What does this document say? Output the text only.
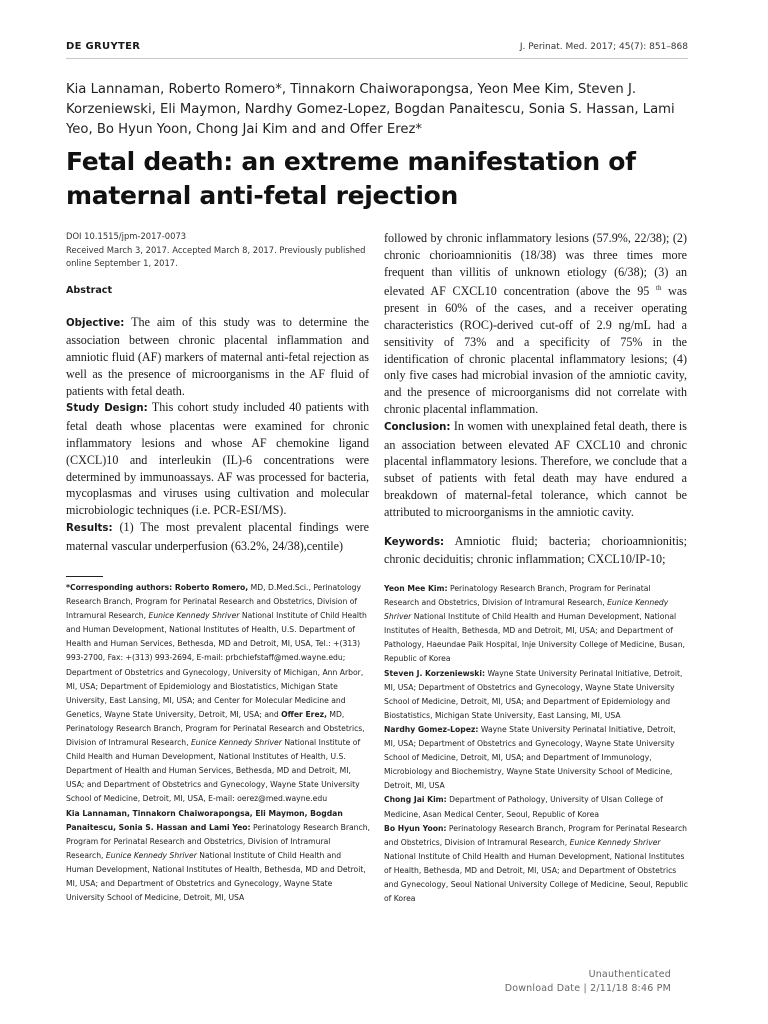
DE GRUYTER	J. Perinat. Med. 2017; 45(7): 851–868
Kia Lannaman, Roberto Romero*, Tinnakorn Chaiworapongsa, Yeon Mee Kim, Steven J. Korzeniewski, Eli Maymon, Nardhy Gomez-Lopez, Bogdan Panaitescu, Sonia S. Hassan, Lami Yeo, Bo Hyun Yoon, Chong Jai Kim and and Offer Erez*
Fetal death: an extreme manifestation of maternal anti-fetal rejection
DOI 10.1515/jpm-2017-0073
Received March 3, 2017. Accepted March 8, 2017. Previously published online September 1, 2017.
Abstract

Objective: The aim of this study was to determine the association between chronic placental inflammation and amniotic fluid (AF) markers of maternal anti-fetal rejection as well as the presence of microorganisms in the AF fluid of patients with fetal death.

Study Design: This cohort study included 40 patients with fetal death whose placentas were examined for chronic inflammatory lesions and whose AF chemokine ligand (CXCL)10 and interleukin (IL)-6 concentrations were determined by immunoassays. AF was processed for bacteria, mycoplasmas and viruses using cultivation and molecular microbiologic techniques (i.e. PCR-ESI/MS).

Results: (1) The most prevalent placental findings were maternal vascular underperfusion (63.2%, 24/38),centile)

followed by chronic inflammatory lesions (57.9%, 22/38); (2) chronic chorioamnionitis (18/38) was three times more frequent than villitis of unknown etiology (6/38); (3) an elevated AF CXCL10 concentration (above the 95 $^{th}$ was present in 60% of the cases, and a receiver operating characteristics (ROC)-derived cut-off of 2.9 ng/mL had a sensitivity of 73% and a specificity of 75% in the identification of chronic placental inflammatory lesions; (4) only five cases had microbial invasion of the amniotic cavity, and the presence of microorganisms did not correlate with chronic placental inflammation.

Conclusion: In women with unexplained fetal death, there is an association between elevated AF CXCL10 and chronic placental inflammatory lesions. Therefore, we conclude that a subset of patients with fetal death may have endured a breakdown of maternal-fetal tolerance, which cannot be attributed to microorganisms in the amniotic cavity.

Keywords: Amniotic fluid; bacteria; chorioamnionitis; chronic deciduitis; chronic inflammation; CXCL10/IP-10;

*Corresponding authors: Roberto Romero, MD, D.Med.Sci., Perinatology Research Branch, Program for Perinatal Research and Obstetrics, Division of Intramural Research, Eunice Kennedy Shriver National Institute of Child Health and Human Development, National Institutes of Health, U.S. Department of Health and Human Services, Bethesda, MD and Detroit, MI, USA, Tel.: +(313) 993-2700, Fax: +(313) 993-2694, E-mail: prbchiefstaff@med.wayne.edu; Department of Obstetrics and Gynecology, University of Michigan, Ann Arbor, MI, USA; Department of Epidemiology and Biostatistics, Michigan State University, East Lansing, MI, USA; and Center for Molecular Medicine and Genetics, Wayne State University, Detroit, MI, USA; and Offer Erez, MD, Perinatology Research Branch, Program for Perinatal Research and Obstetrics, Division of Intramural Research, Eunice Kennedy Shriver National Institute of Child Health and Human Development, National Institutes of Health, U.S. Department of Health and Human Services, Bethesda, MD and Detroit, MI, USA; and Department of Obstetrics and Gynecology, Wayne State University School of Medicine, Detroit, MI, USA, E-mail: oerez@med.wayne.edu

Kia Lannaman, Tinnakorn Chaiworapongsa, Eli Maymon, Bogdan Panaitescu, Sonia S. Hassan and Lami Yeo: Perinatology Research Branch, Program for Perinatal Research and Obstetrics, Division of Intramural Research, Eunice Kennedy Shriver National Institute of Child Health and Human Development, National Institutes of Health, Bethesda, MD and Detroit, MI, USA; and Department of Obstetrics and Gynecology, Wayne State University School of Medicine, Detroit, MI, USA

Yeon Mee Kim: Perinatology Research Branch, Program for Perinatal Research and Obstetrics, Division of Intramural Research, Eunice Kennedy Shriver National Institute of Child Health and Human Development, National Institutes of Health, Bethesda, MD and Detroit, MI, USA; and Department of Pathology, Haeundae Paik Hospital, Inje University College of Medicine, Busan, Republic of Korea

Steven J. Korzeniewski: Wayne State University Perinatal Initiative, Detroit, MI, USA; Department of Obstetrics and Gynecology, Wayne State University School of Medicine, Detroit, MI, USA; and Department of Epidemiology and Biostatistics, Michigan State University, East Lansing, MI, USA

Nardhy Gomez-Lopez: Wayne State University Perinatal Initiative, Detroit, MI, USA; Department of Obstetrics and Gynecology, Wayne State University School of Medicine, Detroit, MI, USA; and Department of Immunology, Microbiology and Biochemistry, Wayne State University School of Medicine, Detroit, MI, USA

Chong Jai Kim: Department of Pathology, University of Ulsan College of Medicine, Asan Medical Center, Seoul, Republic of Korea

Bo Hyun Yoon: Perinatology Research Branch, Program for Perinatal Research and Obstetrics, Division of Intramural Research, Eunice Kennedy Shriver National Institute of Child Health and Human Development, National Institutes of Health, Bethesda, MD and Detroit, MI, USA; and Department of Obstetrics and Gynecology, Seoul National University College of Medicine, Seoul, Republic of Korea

Unauthenticated
Download Date | 2/11/18 8:46 PM
